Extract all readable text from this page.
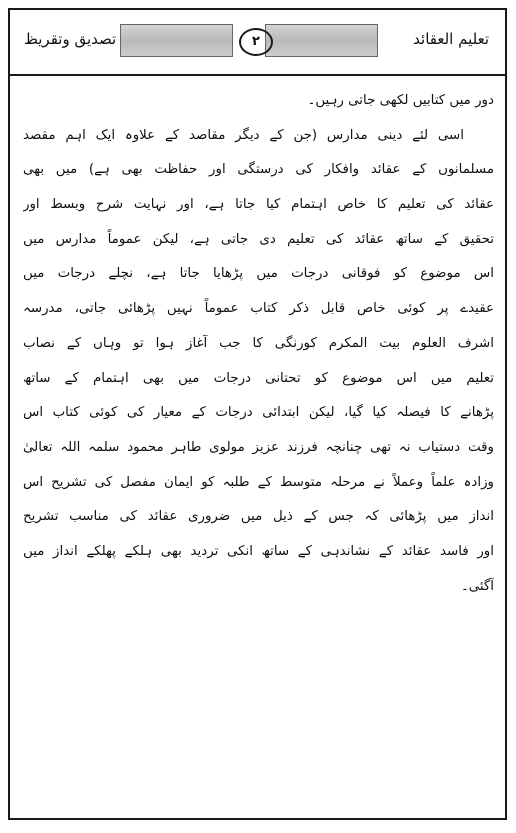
تعلیم العقائد
۲
تصدیق وتقریظ
دور میں کتابیں لکھی جاتی رہیں۔
اسی لئے دینی مدارس (جن کے دیگر مقاصد کے علاوہ ایک اہم مقصد
مسلمانوں کے عقائد وافکار کی درستگی اور حفاظت بھی ہے) میں بھی
عقائد کی تعلیم کا خاص اہتمام کیا جاتا ہے، اور نہایت شرح وبسط اور
تحقیق کے ساتھ عقائد کی تعلیم دی جاتی ہے، لیکن عموماً مدارس میں
اس موضوع کو فوقانی درجات میں پڑھایا جاتا ہے، نچلے درجات میں
عقیدے پر کوئی خاص قابل ذکر کتاب عموماً نہیں پڑھائی جاتی، مدرسہ
اشرف العلوم بیت المکرم کورنگی کا جب آغاز ہوا تو وہاں کے نصاب
تعلیم میں اس موضوع کو تحتانی درجات میں بھی اہتمام کے ساتھ
پڑھانے کا فیصلہ کیا گیا، لیکن ابتدائی درجات کے معیار کی کوئی کتاب اس
وقت دستیاب نہ تھی چنانچہ فرزند عزیز مولوی طاہر محمود سلمہ اللہ تعالیٰ
وزادہ علماً وعملاً نے مرحلہ متوسط کے طلبہ کو ایمان مفصل کی تشریح اس
انداز میں پڑھائی کہ جس کے ذیل میں ضروری عقائد کی مناسب تشریح
اور فاسد عقائد کے نشاندہی کے ساتھ انکی تردید بھی ہلکے پھلکے انداز میں
آگئی۔
